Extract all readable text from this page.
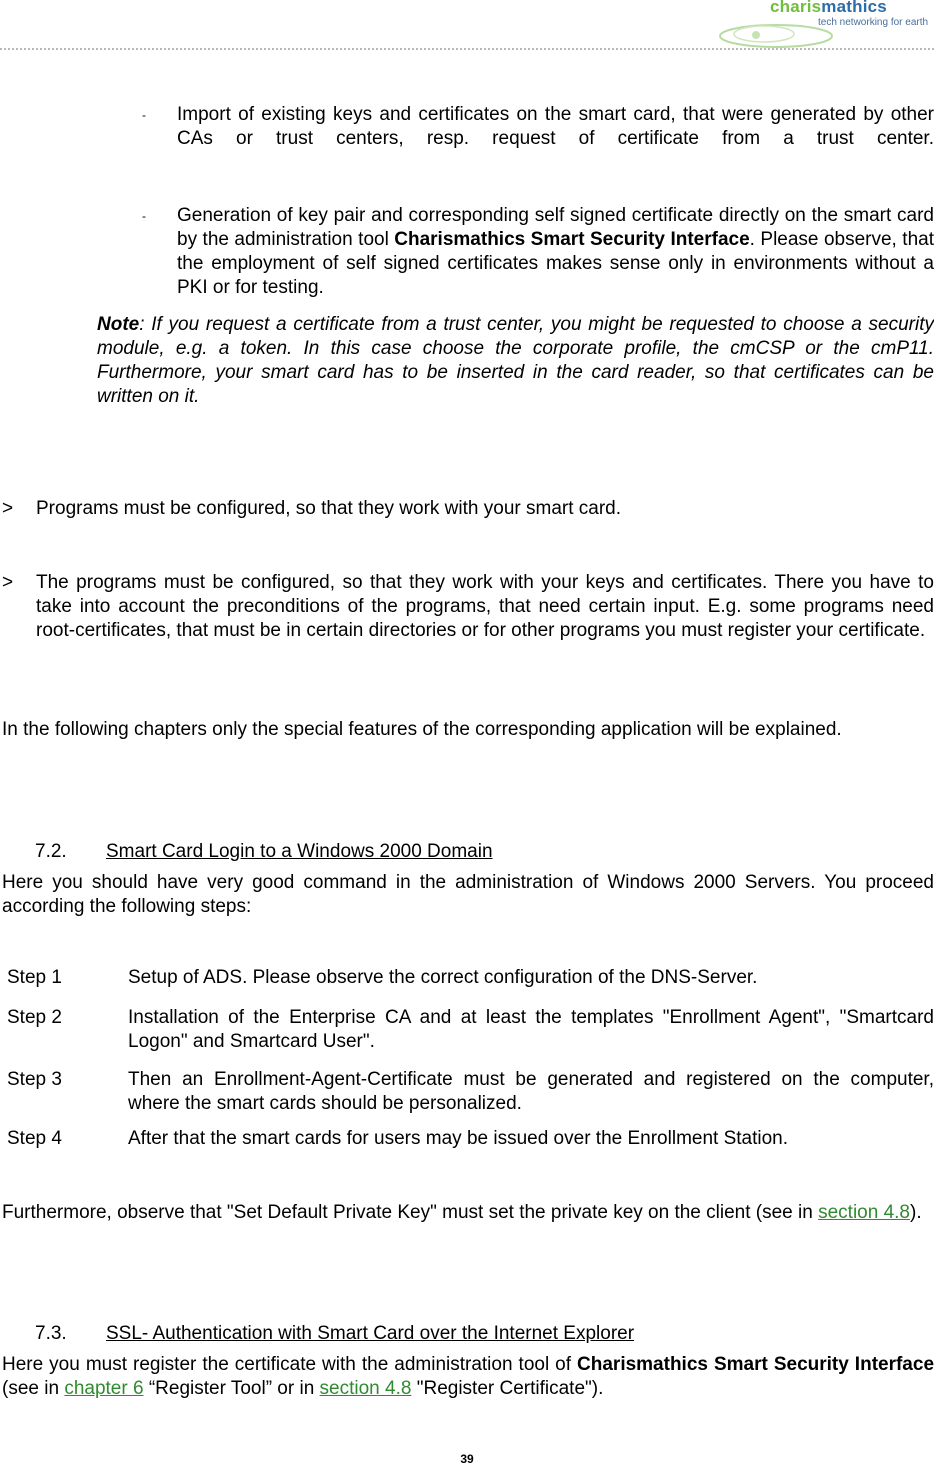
charismathics
tech networking for earth
- Import of existing keys and certificates on the smart card, that were generated by other CAs or trust centers, resp. request of certificate from a trust center.
- Generation of key pair and corresponding self signed certificate directly on the smart card by the administration tool Charismathics Smart Security Interface. Please observe, that the employment of self signed certificates makes sense only in environments without a PKI or for testing.
Note: If you request a certificate from a trust center, you might be requested to choose a security module, e.g. a token. In this case choose the corporate profile, the cmCSP or the cmP11. Furthermore, your smart card has to be inserted in the card reader, so that certificates can be written on it.
> Programs must be configured, so that they work with your smart card.
> The programs must be configured, so that they work with your keys and certificates. There you have to take into account the preconditions of the programs, that need certain input. E.g. some programs need root-certificates, that must be in certain directories or for other programs you must register your certificate.
In the following chapters only the special features of the corresponding application will be explained.
7.2. Smart Card Login to a Windows 2000 Domain
Here you should have very good command in the administration of Windows 2000 Servers. You proceed according the following steps:
Step 1	Setup of ADS. Please observe the correct configuration of the DNS-Server.
Step 2	Installation of the Enterprise CA and at least the templates "Enrollment Agent", "Smartcard Logon" and Smartcard User".
Step 3	Then an Enrollment-Agent-Certificate must be generated and registered on the computer, where the smart cards should be personalized.
Step 4	After that the smart cards for users may be issued over the Enrollment Station.
Furthermore, observe that "Set Default Private Key" must set the private key on the client (see in section 4.8).
7.3. SSL- Authentication with Smart Card over the Internet Explorer
Here you must register the certificate with the administration tool of Charismathics Smart Security Interface (see in chapter 6 “Register Tool” or in section 4.8 "Register Certificate").
39
